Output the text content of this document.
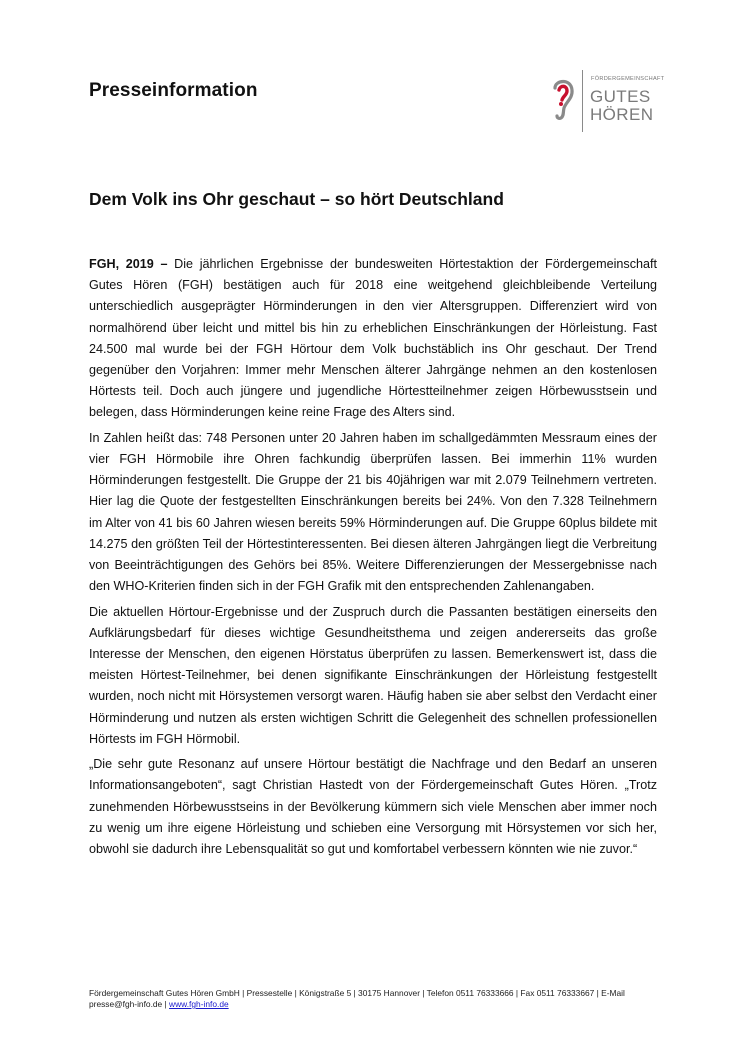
Presseinformation
FÖRDERGEMEINSCHAFT
GUTES
HÖREN
Dem Volk ins Ohr geschaut – so hört Deutschland

FGH, 2019 – Die jährlichen Ergebnisse der bundesweiten Hörtestaktion der Fördergemeinschaft Gutes Hören (FGH) bestätigen auch für 2018 eine weitgehend gleichbleibende Verteilung unterschiedlich ausgeprägter Hörminderungen in den vier Altersgruppen. Differenziert wird von normalhörend über leicht und mittel bis hin zu erheblichen Einschränkungen der Hörleistung. Fast 24.500 mal wurde bei der FGH Hörtour dem Volk buchstäblich ins Ohr geschaut. Der Trend gegenüber den Vorjahren: Immer mehr Menschen älterer Jahrgänge nehmen an den kostenlosen Hörtests teil. Doch auch jüngere und jugendliche Hörtestteilnehmer zeigen Hörbewusstsein und belegen, dass Hörminderungen keine reine Frage des Alters sind.

In Zahlen heißt das: 748 Personen unter 20 Jahren haben im schallgedämmten Messraum eines der vier FGH Hörmobile ihre Ohren fachkundig überprüfen lassen. Bei immerhin 11% wurden Hörminderungen festgestellt. Die Gruppe der 21 bis 40jährigen war mit 2.079 Teilnehmern vertreten. Hier lag die Quote der festgestellten Einschränkungen bereits bei 24%. Von den 7.328 Teilnehmern im Alter von 41 bis 60 Jahren wiesen bereits 59% Hörminderungen auf. Die Gruppe 60plus bildete mit 14.275 den größten Teil der Hörtestinteressenten. Bei diesen älteren Jahrgängen liegt die Verbreitung von Beeinträchtigungen des Gehörs bei 85%. Weitere Differenzierungen der Messergebnisse nach den WHO-Kriterien finden sich in der FGH Grafik mit den entsprechenden Zahlenangaben.

Die aktuellen Hörtour-Ergebnisse und der Zuspruch durch die Passanten bestätigen einerseits den Aufklärungsbedarf für dieses wichtige Gesundheitsthema und zeigen andererseits das große Interesse der Menschen, den eigenen Hörstatus überprüfen zu lassen. Bemerkenswert ist, dass die meisten Hörtest-Teilnehmer, bei denen signifikante Einschränkungen der Hörleistung festgestellt wurden, noch nicht mit Hörsystemen versorgt waren. Häufig haben sie aber selbst den Verdacht einer Hörminderung und nutzen als ersten wichtigen Schritt die Gelegenheit des schnellen professionellen Hörtests im FGH Hörmobil.

„Die sehr gute Resonanz auf unsere Hörtour bestätigt die Nachfrage und den Bedarf an unseren Informationsangeboten“, sagt Christian Hastedt von der Fördergemeinschaft Gutes Hören. „Trotz zunehmenden Hörbewusstseins in der Bevölkerung kümmern sich viele Menschen aber immer noch zu wenig um ihre eigene Hörleistung und schieben eine Versorgung mit Hörsystemen vor sich her, obwohl sie dadurch ihre Lebensqualität so gut und komfortabel verbessern könnten wie nie zuvor.“

Fördergemeinschaft Gutes Hören GmbH | Pressestelle | Königstraße 5 | 30175 Hannover | Telefon 0511 76333666 | Fax 0511 76333667 | E-Mail presse@fgh-info.de | www.fgh-info.de
